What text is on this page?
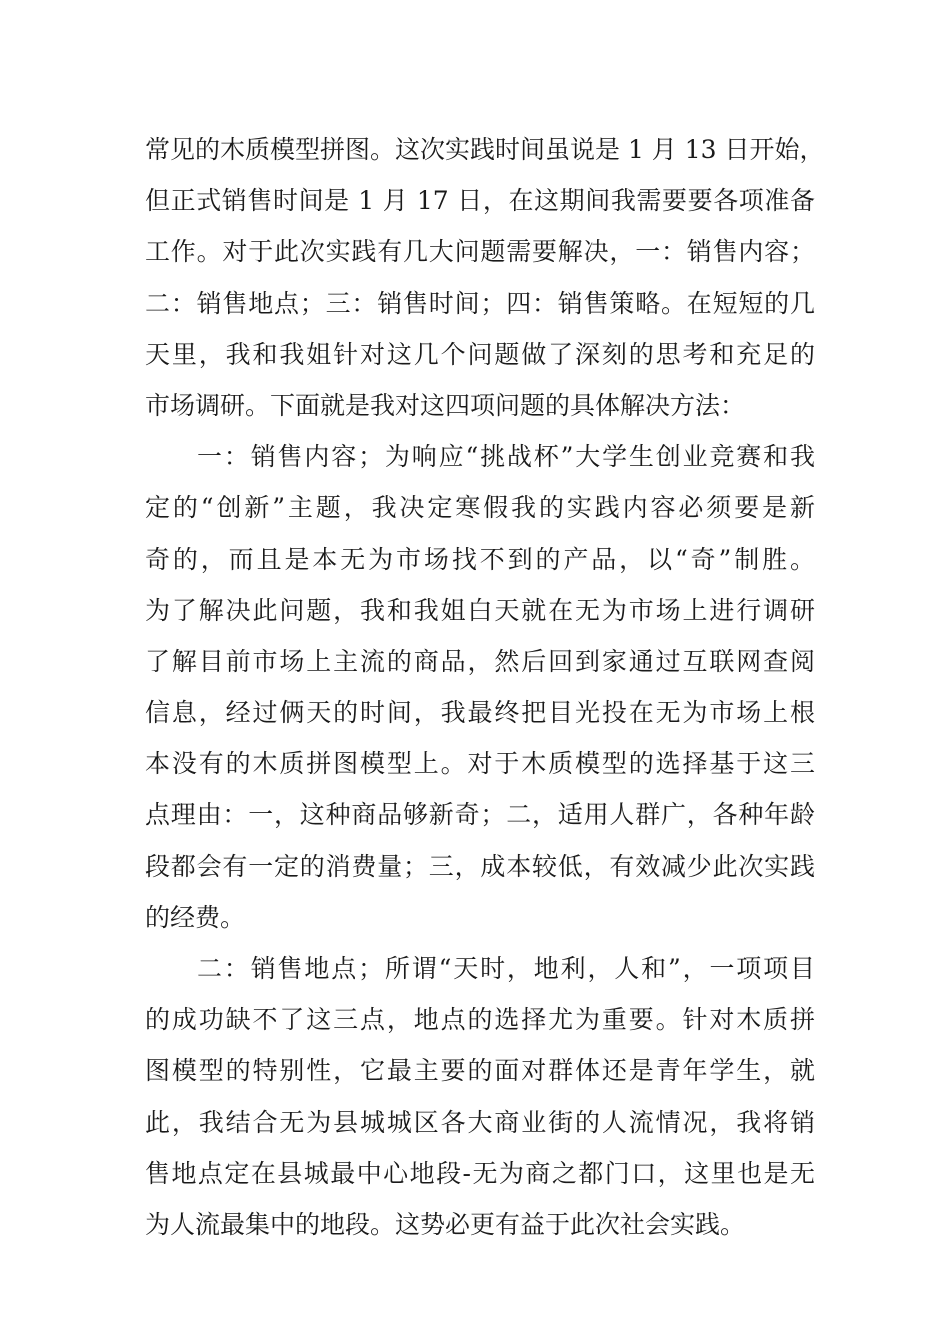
常见的木质模型拼图。这次实践时间虽说是 1 月 13 日开始，
但正式销售时间是 1 月 17 日，在这期间我需要要各项准备
工作。对于此次实践有几大问题需要解决，一：销售内容；
二：销售地点；三：销售时间；四：销售策略。在短短的几
天里，我和我姐针对这几个问题做了深刻的思考和充足的
市场调研。下面就是我对这四项问题的具体解决方法：
一：销售内容；为响应“挑战杯”大学生创业竞赛和我
定的“创新”主题，我决定寒假我的实践内容必须要是新
奇的，而且是本无为市场找不到的产品，以“奇”制胜。
为了解决此问题，我和我姐白天就在无为市场上进行调研
了解目前市场上主流的商品，然后回到家通过互联网查阅
信息，经过俩天的时间，我最终把目光投在无为市场上根
本没有的木质拼图模型上。对于木质模型的选择基于这三
点理由：一，这种商品够新奇；二，适用人群广，各种年龄
段都会有一定的消费量；三，成本较低，有效减少此次实践
的经费。
二：销售地点；所谓“天时，地利，人和”，一项项目
的成功缺不了这三点，地点的选择尤为重要。针对木质拼
图模型的特别性，它最主要的面对群体还是青年学生，就
此，我结合无为县城城区各大商业街的人流情况，我将销
售地点定在县城最中心地段-无为商之都门口，这里也是无
为人流最集中的地段。这势必更有益于此次社会实践。
